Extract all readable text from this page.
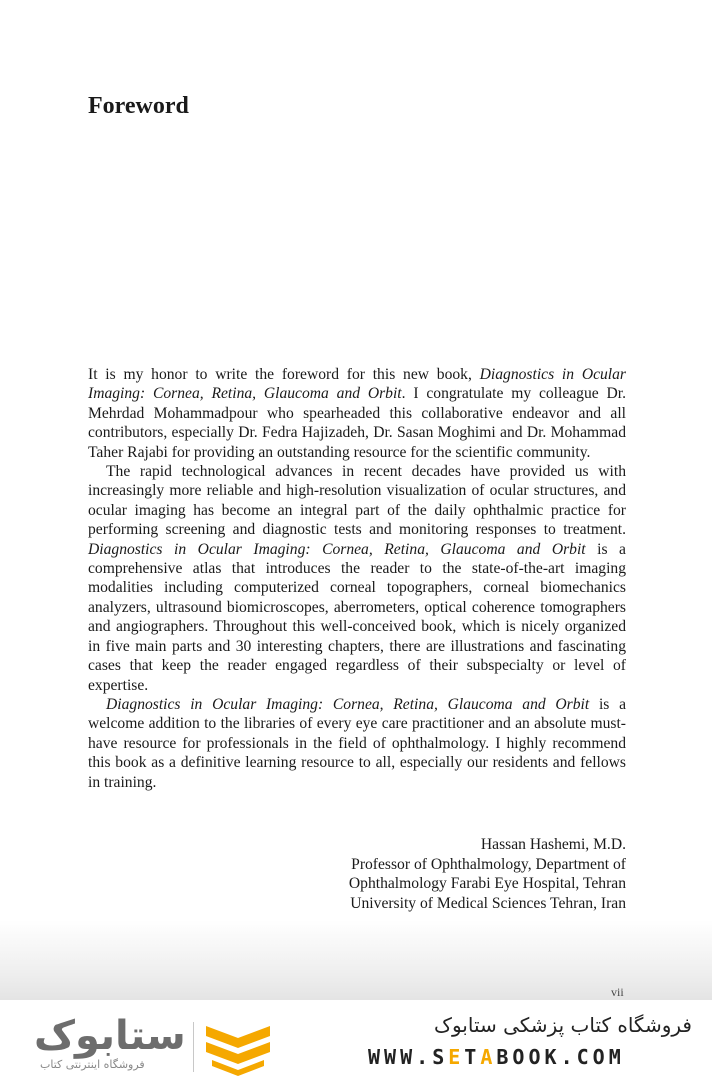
Foreword

It is my honor to write the foreword for this new book, Diagnostics in Ocular Imaging: Cornea, Retina, Glaucoma and Orbit. I congratulate my colleague Dr. Mehrdad Mohammadpour who spearheaded this collaborative endeavor and all contributors, especially Dr. Fedra Hajizadeh, Dr. Sasan Moghimi and Dr. Mohammad Taher Rajabi for providing an outstanding resource for the scientific community.

The rapid technological advances in recent decades have provided us with increasingly more reliable and high-resolution visualization of ocular structures, and ocular imaging has become an integral part of the daily ophthalmic practice for performing screening and diagnostic tests and monitoring responses to treatment. Diagnostics in Ocular Imaging: Cornea, Retina, Glaucoma and Orbit is a comprehensive atlas that introduces the reader to the state-of-the-art imaging modalities including computerized corneal topographers, corneal biomechanics analyzers, ultrasound biomicroscopes, aberrometers, optical coherence tomographers and angiographers. Throughout this well-conceived book, which is nicely organized in five main parts and 30 interesting chapters, there are illustrations and fascinating cases that keep the reader engaged regardless of their subspecialty or level of expertise.

Diagnostics in Ocular Imaging: Cornea, Retina, Glaucoma and Orbit is a welcome addition to the libraries of every eye care practitioner and an absolute must-have resource for professionals in the field of ophthalmology. I highly recommend this book as a definitive learning resource to all, especially our residents and fellows in training.

Hassan Hashemi, M.D.
Professor of Ophthalmology, Department of
Ophthalmology Farabi Eye Hospital, Tehran
University of Medical Sciences Tehran, Iran
vii
ستابوک
فروشگاه اینترنتی کتاب
فروشگاه کتاب پزشکی ستابوک
WWW.SETABOOK.COM
